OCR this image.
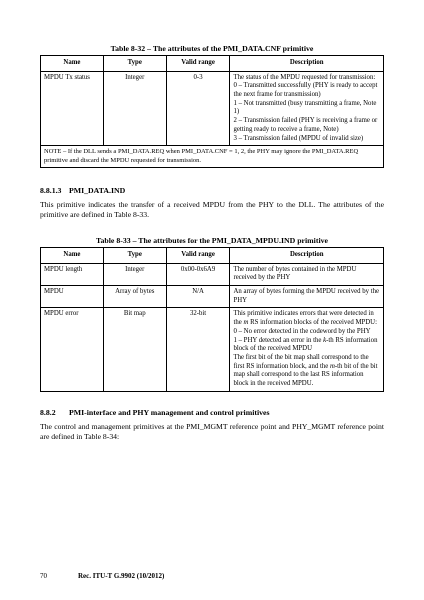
Table 8-32 – The attributes of the PMI_DATA.CNF primitive
Name	Type	Valid range	Description
MPDU Tx status	Integer	0-3	The status of the MPDU requested for transmission:
0 – Transmitted successfully (PHY is ready to accept the next frame for transmission)
1 – Not transmitted (busy transmitting a frame, Note 1)
2 – Transmission failed (PHY is receiving a frame or getting ready to receive a frame, Note)
3 – Transmission failed (MPDU of invalid size)

NOTE – If the DLL sends a PMI_DATA.REQ when PMI_DATA.CNF = 1, 2, the PHY may ignore the PMI_DATA.REQ primitive and discard the MPDU requested for transmission.			
8.8.1.3 PMI_DATA.IND
This primitive indicates the transfer of a received MPDU from the PHY to the DLL. The attributes of the primitive are defined in Table 8-33.
Table 8-33 – The attributes for the PMI_DATA_MPDU.IND primitive
Name	Type	Valid range	Description
MPDU length	Integer	0x00-0x6A9	The number of bytes contained in the MPDU received by the PHY
MPDU	Array of bytes	N/A	An array of bytes forming the MPDU received by the PHY
MPDU error	Bit map	32-bit	This primitive indicates errors that were detected in the m RS information blocks of the received MPDU:
0 – No error detected in the codeword by the PHY
1 – PHY detected an error in the k-th RS information block of the received MPDU
The first bit of the bit map shall correspond to the first RS information block, and the m-th bit of the bit map shall correspond to the last RS information block in the received MPDU.
8.8.2 PMI-interface and PHY management and control primitives
The control and management primitives at the PMI_MGMT reference point and PHY_MGMT reference point are defined in Table 8-34:
70	Rec. ITU-T G.9902 (10/2012)
